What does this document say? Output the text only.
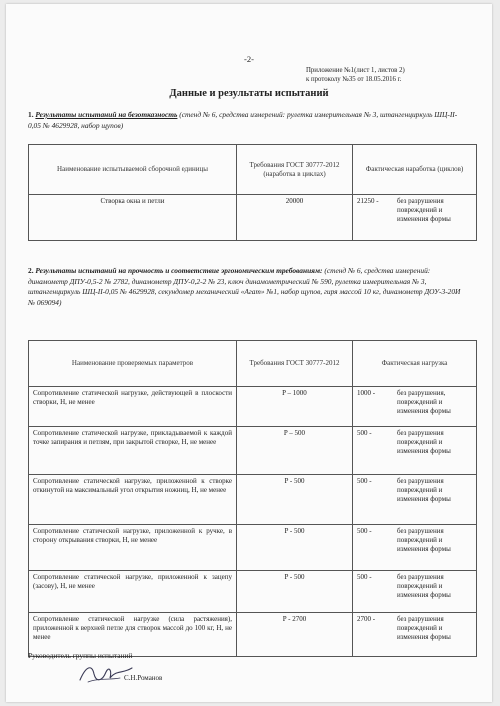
-2-
Приложение №1(лист 1, листов 2)
к протоколу №35 от 18.05.2016 г.
Данные и результаты испытаний
1. Результаты испытаний на безотказность (стенд № 6, средства измерений: рулетка измерительная № 3, штангенциркуль ШЦ-II-0,05 № 4629928, набор щупов)
Наименование испытываемой сборочной единицы	Требования ГОСТ 30777-2012 (наработка в циклах)	Фактическая наработка (циклов)
Створка окна и петли	20000	21250 - без разрушения повреждений и изменения формы
2. Результаты испытаний на прочность и соответствие эргономическим требованиям: (стенд № 6, средства измерений: динамометр ДПУ-0,5-2 № 2782, динамометр ДПУ-0,2-2 № 23, ключ динамометрический № 590, рулетка измерительная № 3, штангенциркуль ШЦ-II-0,05 № 4629928, секундомер механический «Агат» №1, набор щупов, гиря массой 10 кг, динамометр ДОУ-3-20И № 069094)
Наименование проверяемых параметров	Требования ГОСТ 30777-2012	Фактическая нагрузка
Сопротивление статической нагрузке, действующей в плоскости створки, Н, не менее	P – 1000	1000 - без разрушения, повреждений и изменения формы

Сопротивление статической нагрузке, прикладываемой к каждой точке запирания и петлям, при закрытой створке, Н, не менее	P – 500	500 - без разрушения повреждений и изменения формы

Сопротивление статической нагрузке, приложенной к створке откинутой на максимальный угол открытия ножниц, Н, не менее	P - 500	500 - без разрушения повреждений и изменения формы

Сопротивление статической нагрузке, приложенной к ручке, в сторону открывания створки, Н, не менее	P - 500	500 - без разрушения повреждений и изменения формы

Сопротивление статической нагрузке, приложенной к зацепу (засову), Н, не менее	P - 500	500 - без разрушения повреждений и изменения формы

Сопротивление статической нагрузке (сила растяжения), приложенной к верхней петле для створок массой до 100 кг, Н, не менее	P - 2700	2700 - без разрушения повреждений и изменения формы
Руководитель группы испытаний
С.Н.Романов
